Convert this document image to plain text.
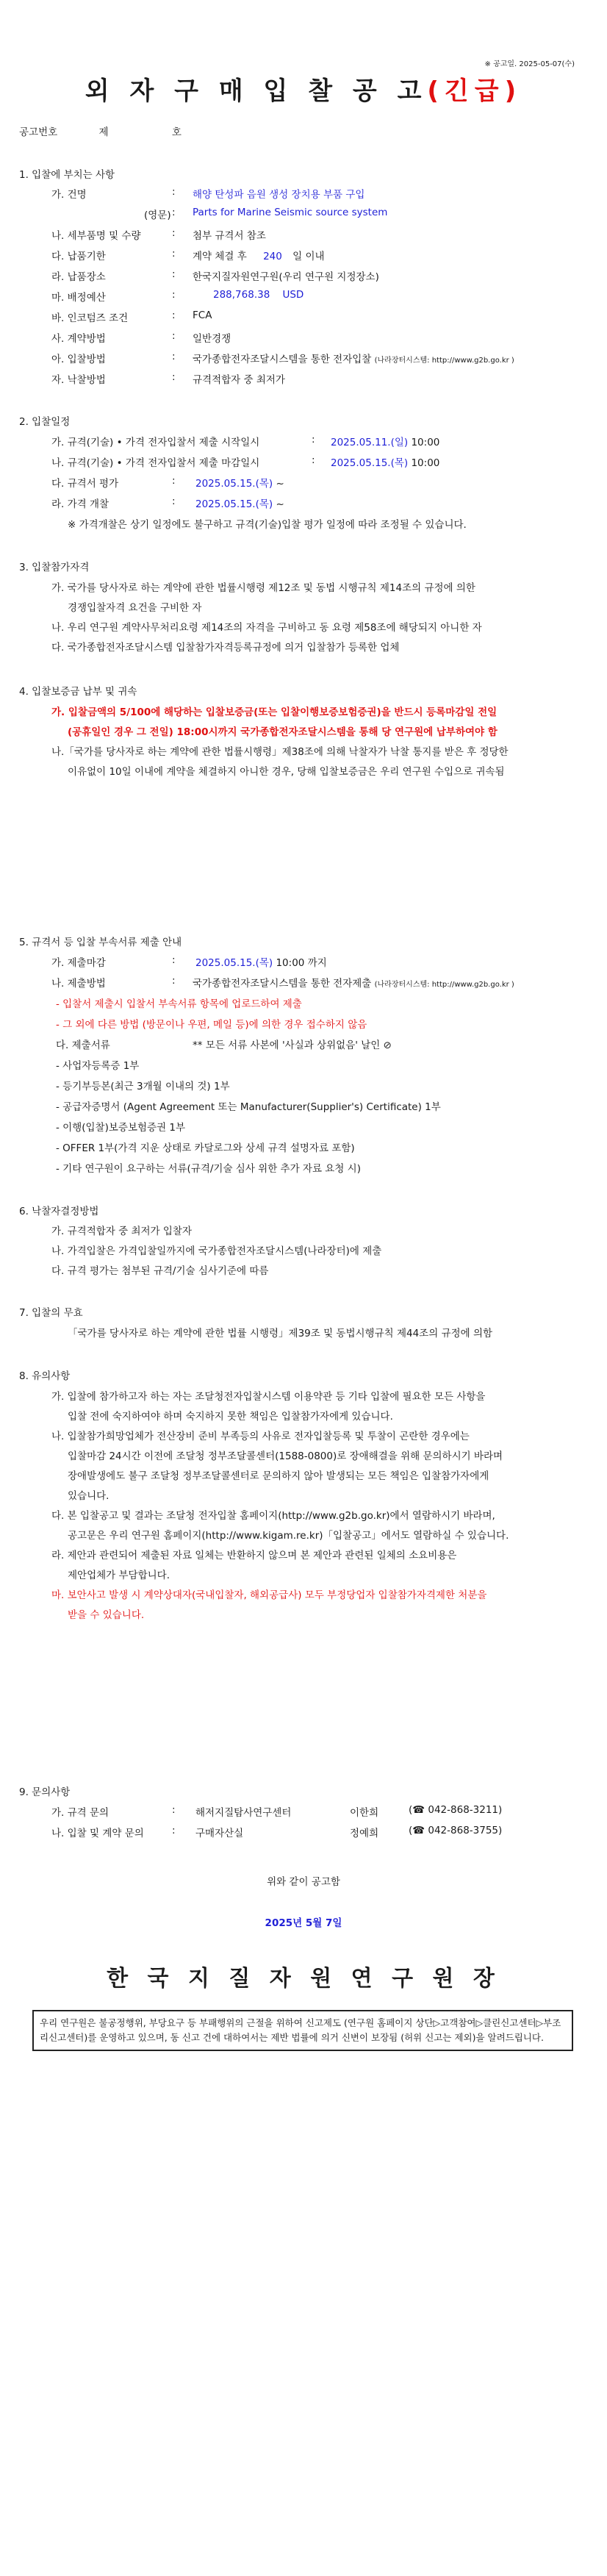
※ 공고일. 2025-05-07(수)
외 자 구 매 입 찰 공 고(긴급)
공고번호	제	호
1. 입찰에 부치는 사항
가. 건명	: 해양 탄성파 음원 생성 장치용 부품 구입
(영문) : Parts for Marine Seismic source system
나. 세부품명 및 수량	: 첨부 규격서 참조
다. 납품기한	: 계약 체결 후 240 일 이내
라. 납품장소	: 한국지질자원연구원(우리 연구원 지정장소)
마. 배정예산	:	288,768.38    USD
바. 인코텀즈 조건	: FCA
사. 계약방법	: 일반경쟁
아. 입찰방법	: 국가종합전자조달시스템을 통한 전자입찰 (나라장터시스템: http://www.g2b.go.kr )
자. 낙찰방법	: 규격적합자 중 최저가
2. 입찰일정
가. 규격(기술) • 가격 전자입찰서 제출 시작일시	: 2025.05.11.(일) 10:00
나. 규격(기술) • 가격 전자입찰서 제출 마감일시	: 2025.05.15.(목) 10:00
다. 규격서 평가	: 2025.05.15.(목) ~
라. 가격 개찰	: 2025.05.15.(목) ~
※ 가격개찰은 상기 일정에도 불구하고 규격(기술)입찰 평가 일정에 따라 조정될 수 있습니다.
3. 입찰참가자격
가. 국가를 당사자로 하는 계약에 관한 법률시행령 제12조 및 동법 시행규칙 제14조의 규정에 의한
경쟁입찰자격 요건을 구비한 자
나. 우리 연구원 계약사무처리요령 제14조의 자격을 구비하고 동 요령 제58조에 해당되지 아니한 자
다. 국가종합전자조달시스템 입찰참가자격등록규정에 의거 입찰참가 등록한 업체
4. 입찰보증금 납부 및 귀속
가. 입찰금액의 5/100에 해당하는 입찰보증금(또는 입찰이행보증보험증권)을 반드시 등록마감일 전일
(공휴일인 경우 그 전일) 18:00시까지 국가종합전자조달시스템을 통해 당 연구원에 납부하여야 함
나.「국가를 당사자로 하는 계약에 관한 법률시행령」제38조에 의해 낙찰자가 낙찰 통지를 받은 후 정당한
이유없이 10일 이내에 계약을 체결하지 아니한 경우, 당해 입찰보증금은 우리 연구원 수입으로 귀속됨
5. 규격서 등 입찰 부속서류 제출 안내
가. 제출마감	: 2025.05.15.(목) 10:00 까지
나. 제출방법	: 국가종합전자조달시스템을 통한 전자제출 (나라장터시스템: http://www.g2b.go.kr )
- 입찰서 제출시 입찰서 부속서류 항목에 업로드하여 제출
- 그 외에 다른 방법 (방문이나 우편, 메일 등)에 의한 경우 접수하지 않음
다. 제출서류	** 모든 서류 사본에 '사실과 상위없음' 날인 ⊘
- 사업자등록증 1부
- 등기부등본(최근 3개월 이내의 것) 1부
- 공급자증명서 (Agent Agreement 또는 Manufacturer(Supplier's) Certificate) 1부
- 이행(입찰)보증보험증권 1부
- OFFER 1부(가격 지운 상태로 카달로그와 상세 규격 설명자료 포함)
- 기타 연구원이 요구하는 서류(규격/기술 심사 위한 추가 자료 요청 시)
6. 낙찰자결정방법
가. 규격적합자 중 최저가 입찰자
나. 가격입찰은 가격입찰일까지에 국가종합전자조달시스템(나라장터)에 제출
다. 규격 평가는 첨부된 규격/기술 심사기준에 따름
7. 입찰의 무효
「국가를 당사자로 하는 계약에 관한 법률 시행령」제39조 및 동법시행규칙 제44조의 규정에 의함
8. 유의사항
가. 입찰에 참가하고자 하는 자는 조달청전자입찰시스템 이용약관 등 기타 입찰에 필요한 모든 사항을
입찰 전에 숙지하여야 하며 숙지하지 못한 책임은 입찰참가자에게 있습니다.
나. 입찰참가희망업체가 전산장비 준비 부족등의 사유로 전자입찰등록 및 투찰이 곤란한 경우에는
입찰마감 24시간 이전에 조달청 정부조달콜센터(1588-0800)로 장애해결을 위해 문의하시기 바라며
장애발생에도 불구 조달청 정부조달콜센터로 문의하지 않아 발생되는 모든 책임은 입찰참가자에게
있습니다.
다. 본 입찰공고 및 결과는 조달청 전자입찰 홈페이지(http://www.g2b.go.kr)에서 열람하시기 바라며,
공고문은 우리 연구원 홈페이지(http://www.kigam.re.kr)「입찰공고」에서도 열람하실 수 있습니다.
라. 제안과 관련되어 제출된 자료 일체는 반환하지 않으며 본 제안과 관련된 일체의 소요비용은
제안업체가 부담합니다.
마. 보안사고 발생 시 계약상대자(국내입찰자, 해외공급사) 모두 부정당업자 입찰참가자격제한 처분을
받을 수 있습니다.
9. 문의사항
가. 규격 문의	: 해저지질탐사연구센터	이한희	(☎ 042-868-3211)
나. 입찰 및 계약 문의	: 구매자산실	정예희	(☎ 042-868-3755)
위와 같이 공고함
2025년 5월 7일
한 국 지 질 자 원 연 구 원 장
우리 연구원은 불공정행위, 부당요구 등 부패행위의 근절을 위하여 신고제도 (연구원 홈페이지 상단▷고객참여▷클린신고센터▷부조리신고센터)를 운영하고 있으며, 동 신고 건에 대하여서는 제반 법률에 의거 신변이 보장됨 (허위 신고는 제외)을 알려드립니다.
